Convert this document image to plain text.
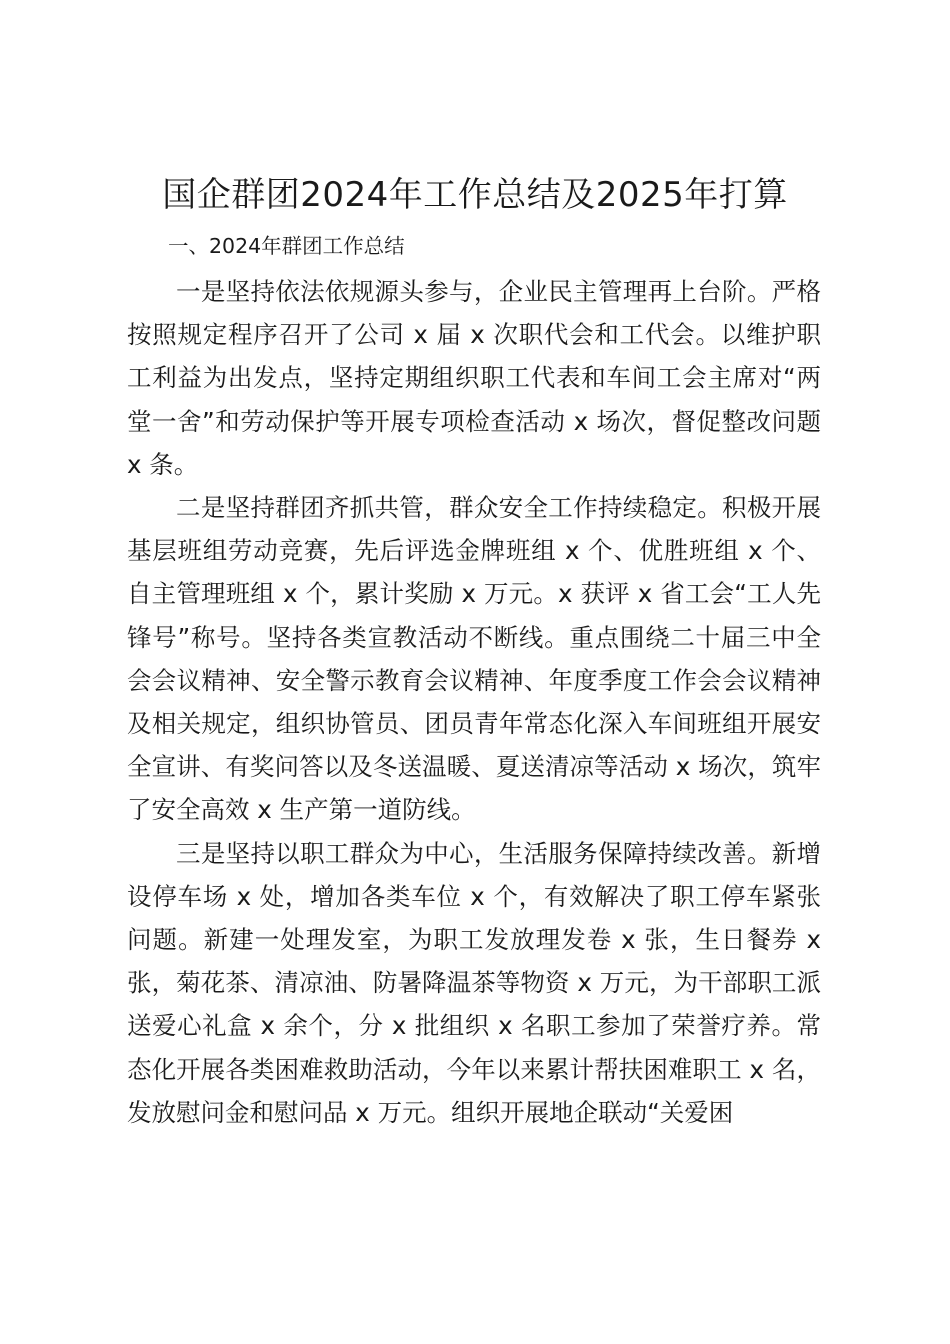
国企群团2024年工作总结及2025年打算
一、2024年群团工作总结

一是坚持依法依规源头参与，企业民主管理再上台阶。严格按照规定程序召开了公司 x 届 x 次职代会和工代会。以维护职工利益为出发点，坚持定期组织职工代表和车间工会主席对“两堂一舍”和劳动保护等开展专项检查活动 x 场次，督促整改问题 x 条。

二是坚持群团齐抓共管，群众安全工作持续稳定。积极开展基层班组劳动竞赛，先后评选金牌班组 x 个、优胜班组 x 个、自主管理班组 x 个，累计奖励 x 万元。x 获评 x 省工会“工人先锋号”称号。坚持各类宣教活动不断线。重点围绕二十届三中全会会议精神、安全警示教育会议精神、年度季度工作会会议精神及相关规定，组织协管员、团员青年常态化深入车间班组开展安全宣讲、有奖问答以及冬送温暖、夏送清凉等活动 x 场次，筑牢了安全高效 x 生产第一道防线。

三是坚持以职工群众为中心，生活服务保障持续改善。新增设停车场 x 处，增加各类车位 x 个，有效解决了职工停车紧张问题。新建一处理发室，为职工发放理发卷 x 张，生日餐券 x 张，菊花茶、清凉油、防暑降温茶等物资 x 万元，为干部职工派送爱心礼盒 x 余个，分 x 批组织 x 名职工参加了荣誉疗养。常态化开展各类困难救助活动，今年以来累计帮扶困难职工 x 名，发放慰问金和慰问品 x 万元。组织开展地企联动“关爱困
